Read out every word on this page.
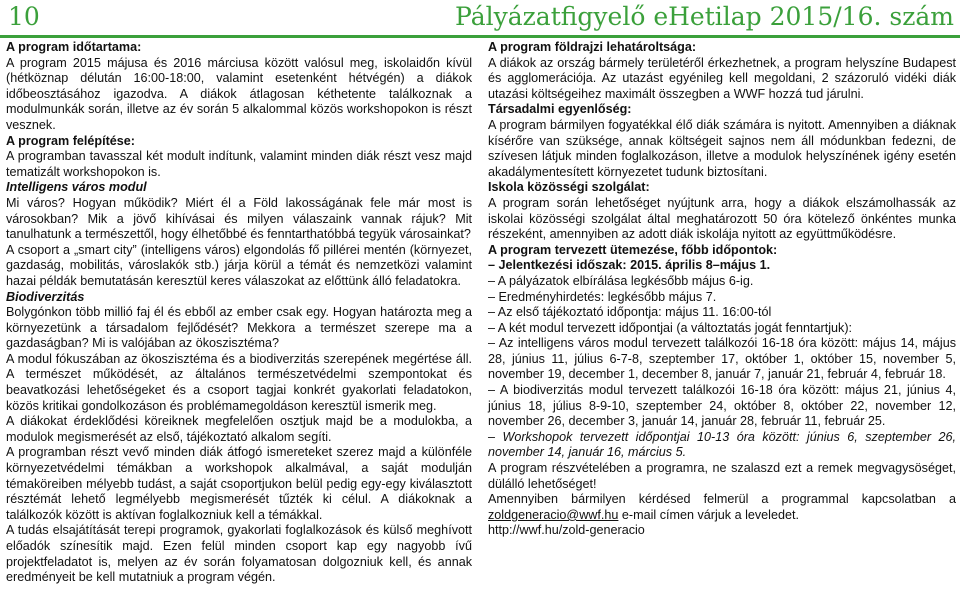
10	Pályázatfigyelő eHetilap 2015/16. szám

A program időtartama:

A program 2015 májusa és 2016 márciusa között valósul meg, iskolaidőn kívül (hétköznap délután 16:00-18:00, valamint esetenként hétvégén) a diákok időbeosztásához igazodva. A diákok átlagosan kéthetente találkoznak a modulmunkák során, illetve az év során 5 alkalommal közös workshopokon is részt vesznek.

A program felépítése:

A programban tavasszal két modult indítunk, valamint minden diák részt vesz majd tematizált workshopokon is.

Intelligens város modul

Mi város? Hogyan működik? Miért él a Föld lakosságának fele már most is városokban? Mik a jövő kihívásai és milyen válaszaink vannak rájuk? Mit tanulhatunk a természettől, hogy élhetőbbé és fenntarthatóbbá tegyük városainkat?

A csoport a „smart city” (intelligens város) elgondolás fő pillérei mentén (környezet, gazdaság, mobilitás, városlakók stb.) járja körül a témát és nemzetközi valamint hazai példák bemutatásán keresztül keres válaszokat az előttünk álló feladatokra.

Biodiverzitás

Bolygónkon több millió faj él és ebből az ember csak egy. Hogyan határozta meg a környezetünk a társadalom fejlődését? Mekkora a természet szerepe ma a gazdaságban? Mi is valójában az ökoszisztéma?

A modul fókuszában az ökoszisztéma és a biodiverzitás szerepének megértése áll. A természet működését, az általános természetvédelmi szempontokat és beavatkozási lehetőségeket és a csoport tagjai konkrét gyakorlati feladatokon, közös kritikai gondolkozáson és problémamegoldáson keresztül ismerik meg.

A diákokat érdeklődési köreiknek megfelelően osztjuk majd be a modulokba, a modulok megismerését az első, tájékoztató alkalom segíti.

A programban részt vevő minden diák átfogó ismereteket szerez majd a különféle környezetvédelmi témákban a workshopok alkalmával, a saját modulján témaköreiben mélyebb tudást, a saját csoportjukon belül pedig egy-egy kiválasztott résztémát lehető legmélyebb megismerését tűzték ki célul. A diákoknak a találkozók között is aktívan foglalkozniuk kell a témákkal.

A tudás elsajátítását terepi programok, gyakorlati foglalkozások és külső meghívott előadók színesítik majd. Ezen felül minden csoport kap egy nagyobb ívű projektfeladatot is, melyen az év során folyamatosan dolgozniuk kell, és annak eredményeit be kell mutatniuk a program végén.

A program földrajzi lehatároltsága:

A diákok az ország bármely területéről érkezhetnek, a program helyszíne Budapest és agglomerációja. Az utazást egyénileg kell megoldani, 2 százoruló vidéki diák utazási költségeihez maximált összegben a WWF hozzá tud járulni.

Társadalmi egyenlőség:

A program bármilyen fogyatékkal élő diák számára is nyitott. Amennyiben a diáknak kísérőre van szüksége, annak költségeit sajnos nem áll módunkban fedezni, de szívesen látjuk minden foglalkozáson, illetve a modulok helyszínének igény esetén akadálymentesített környezetet tudunk biztosítani.

Iskola közösségi szolgálat:

A program során lehetőséget nyújtunk arra, hogy a diákok elszámolhassák az iskolai közösségi szolgálat által meghatározott 50 óra kötelező önkéntes munka részeként, amennyiben az adott diák iskolája nyitott az együttműködésre.

A program tervezett ütemezése, főbb időpontok:

– Jelentkezési időszak: 2015. április 8–május 1.

– A pályázatok elbírálása legkésőbb május 6-ig.

– Eredményhirdetés: legkésőbb május 7.

– Az első tájékoztató időpontja: május 11. 16:00-tól

– A két modul tervezett időpontjai (a változtatás jogát fenntartjuk):

– Az intelligens város modul tervezett találkozói 16-18 óra között: május 14, május 28, június 11, július 6-7-8, szeptember 17, október 1, október 15, november 5, november 19, december 1, december 8, január 7, január 21, február 4, február 18.

– A biodiverzitás modul tervezett találkozói 16-18 óra között: május 21, június 4, június 18, július 8-9-10, szeptember 24, október 8, október 22, november 12, november 26, december 3, január 14, január 28, február 11, február 25.

– Workshopok tervezett időpontjai 10-13 óra között: június 6, szeptember 26, november 14, január 16, március 5.

A program részvételében a programra, ne szalaszd ezt a remek megvagysöséget, dülálló lehetőséget!

Amennyiben bármilyen kérdésed felmerül a programmal kapcsolatban a zoldgeneracio@wwf.hu e-mail címen várjuk a leveledet.

http://wwf.hu/zold-generacio
